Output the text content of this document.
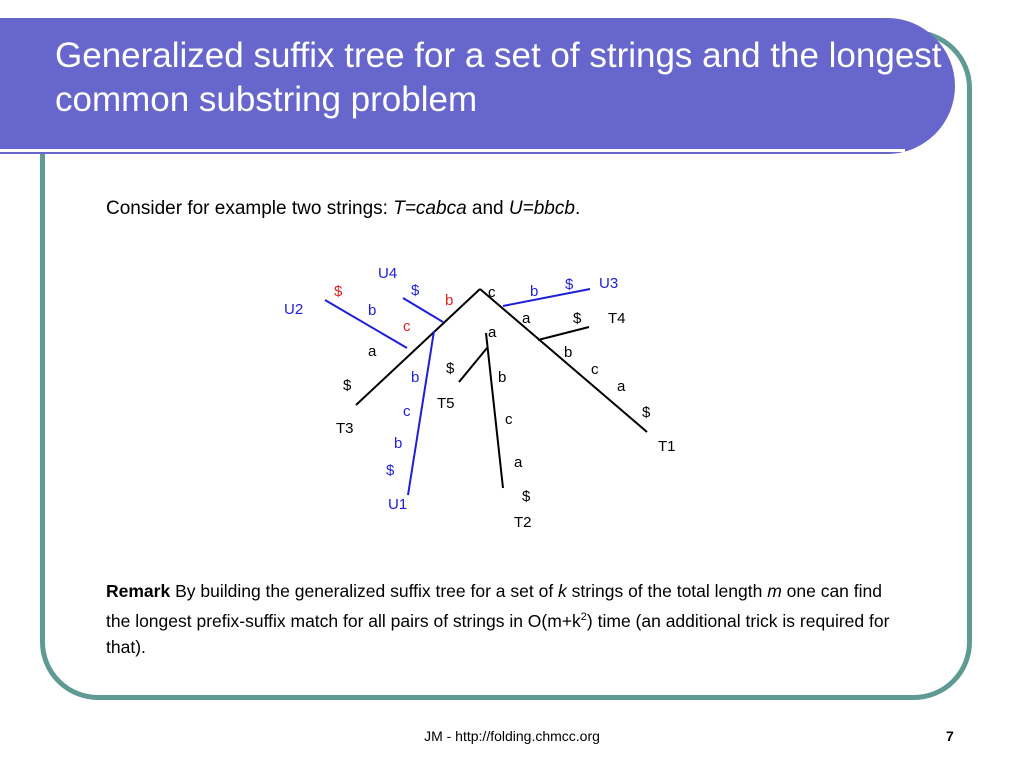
Generalized suffix tree for a set of strings and the longest common substring problem

Consider for example two strings: T=cabca and U=bbcb.

c
b
c
a
$
a
b
c
a
$
a
$
a	$
$
b
c
b
$
$
b
b $
$
b
c
T1
T2
T3
T4
T5
U1
U2
U3
U4

Remark By building the generalized suffix tree for a set of k strings of the total length m one can find the longest prefix-suffix match for all pairs of strings in $O(m+k^2)$ time (an additional trick is required for that).

JM - http://folding.chmcc.org	7
